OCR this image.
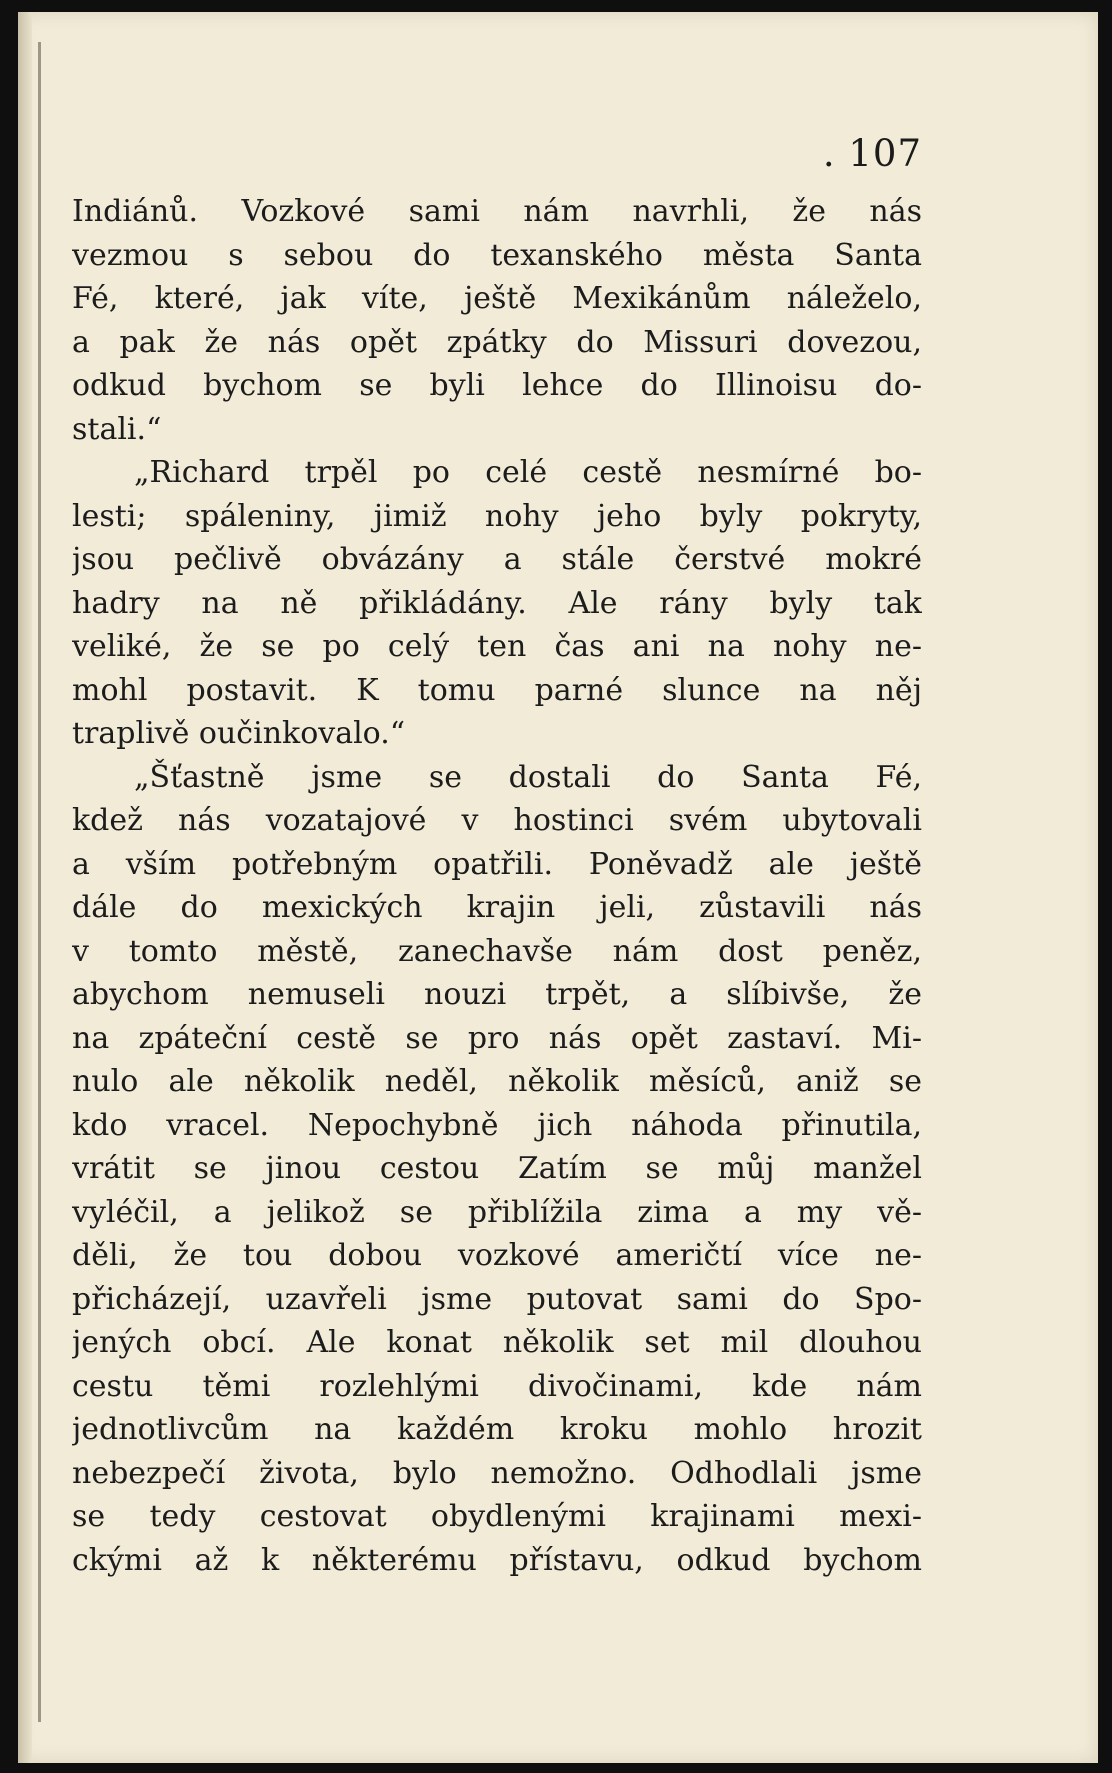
. 107
Indiánů. Vozkové sami nám navrhli, že nás
vezmou s sebou do texanského města Santa
Fé, které, jak víte, ještě Mexikánům náleželo,
a pak že nás opět zpátky do Missuri dovezou,
odkud bychom se byli lehce do Illinoisu do-
stali.“
„Richard trpěl po celé cestě nesmírné bo-
lesti; spáleniny, jimiž nohy jeho byly pokryty,
jsou pečlivě obvázány a stále čerstvé mokré
hadry na ně přikládány. Ale rány byly tak
veliké, že se po celý ten čas ani na nohy ne-
mohl postavit. K tomu parné slunce na něj
traplivě oučinkovalo.“
„Šťastně jsme se dostali do Santa Fé,
kdež nás vozatajové v hostinci svém ubytovali
a vším potřebným opatřili. Poněvadž ale ještě
dále do mexických krajin jeli, zůstavili nás
v tomto městě, zanechavše nám dost peněz,
abychom nemuseli nouzi trpět, a slíbivše, že
na zpáteční cestě se pro nás opět zastaví. Mi-
nulo ale několik neděl, několik měsíců, aniž se
kdo vracel. Nepochybně jich náhoda přinutila,
vrátit se jinou cestou Zatím se můj manžel
vyléčil, a jelikož se přiblížila zima a my vě-
děli, že tou dobou vozkové američtí více ne-
přicházejí, uzavřeli jsme putovat sami do Spo-
jených obcí. Ale konat několik set mil dlouhou
cestu těmi rozlehlými divočinami, kde nám
jednotlivcům na každém kroku mohlo hrozit
nebezpečí života, bylo nemožno. Odhodlali jsme
se tedy cestovat obydlenými krajinami mexi-
ckými až k některému přístavu, odkud bychom
